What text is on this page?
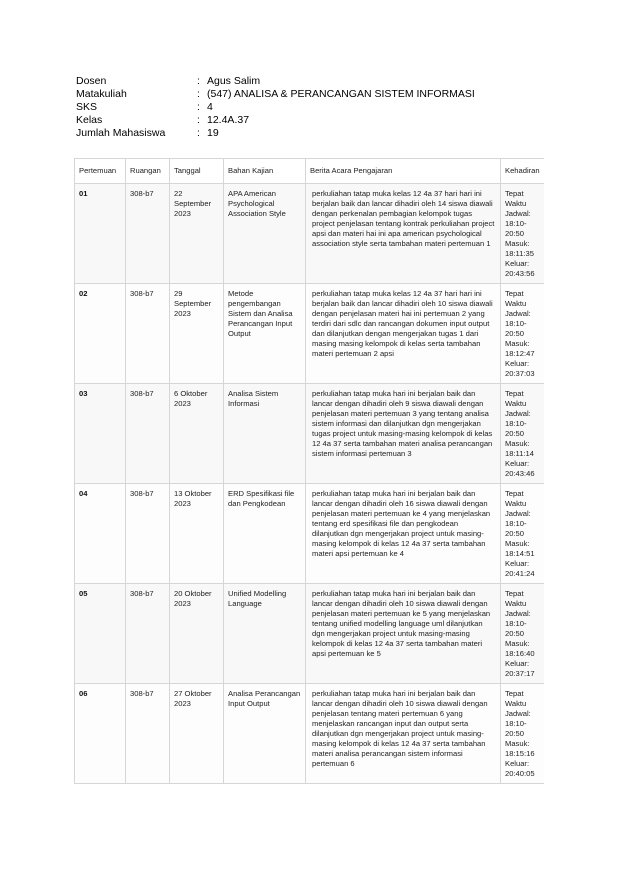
Dosen	: Agus Salim
Matakuliah	: (547) ANALISA & PERANCANGAN SISTEM INFORMASI
SKS	: 4
Kelas	: 12.4A.37
Jumlah Mahasiswa	: 19
Pertemuan	Ruangan	Tanggal	Bahan Kajian	Berita Acara Pengajaran	Kehadiran
01	308-b7	22 September 2023	APA American Psychological Association Style	perkuliahan tatap muka kelas 12 4a 37 hari hari ini berjalan baik dan lancar dihadiri oleh 14 siswa diawali dengan perkenalan pembagian kelompok tugas project penjelasan tentang kontrak perkuliahan project apsi dan materi hai ini apa american psychological association style serta tambahan materi pertemuan 1	Tepat Waktu Jadwal: 18:10-20:50 Masuk: 18:11:35 Keluar: 20:43:56
02	308-b7	29 September 2023	Metode pengembangan Sistem dan Analisa Perancangan Input Output	perkuliahan tatap muka kelas 12 4a 37 hari hari ini berjalan baik dan lancar dihadiri oleh 10 siswa diawali dengan penjelasan materi hai ini pertemuan 2 yang terdiri dari sdlc dan rancangan dokumen input output dan dilanjutkan dengan mengerjakan tugas 1 dari masing masing kelompok di kelas serta tambahan materi pertemuan 2 apsi	Tepat Waktu Jadwal: 18:10-20:50 Masuk: 18:12:47 Keluar: 20:37:03
03	308-b7	6 Oktober 2023	Analisa Sistem Informasi	perkuliahan tatap muka hari ini berjalan baik dan lancar dengan dihadiri oleh 9 siswa diawali dengan penjelasan materi pertemuan 3 yang tentang analisa sistem informasi dan dilanjutkan dgn mengerjakan tugas project untuk masing-masing kelompok di kelas 12 4a 37 serta tambahan materi analisa perancangan sistem informasi pertemuan 3	Tepat Waktu Jadwal: 18:10-20:50 Masuk: 18:11:14 Keluar: 20:43:46
04	308-b7	13 Oktober 2023	ERD Spesifikasi file dan Pengkodean	perkuliahan tatap muka hari ini berjalan baik dan lancar dengan dihadiri oleh 16 siswa diawali dengan penjelasan materi pertemuan ke 4 yang menjelaskan tentang erd spesifikasi file dan pengkodean dilanjutkan dgn mengerjakan project untuk masing-masing kelompok di kelas 12 4a 37 serta tambahan materi apsi pertemuan ke 4	Tepat Waktu Jadwal: 18:10-20:50 Masuk: 18:14:51 Keluar: 20:41:24
05	308-b7	20 Oktober 2023	Unified Modelling Language	perkuliahan tatap muka hari ini berjalan baik dan lancar dengan dihadiri oleh 10 siswa diawali dengan penjelasan materi pertemuan ke 5 yang menjelaskan tentang unified modelling language uml dilanjutkan dgn mengerjakan project untuk masing-masing kelompok di kelas 12 4a 37 serta tambahan materi apsi pertemuan ke 5	Tepat Waktu Jadwal: 18:10-20:50 Masuk: 18:16:40 Keluar: 20:37:17
06	308-b7	27 Oktober 2023	Analisa Perancangan Input Output	perkuliahan tatap muka hari ini berjalan baik dan lancar dengan dihadiri oleh 10 siswa diawali dengan penjelasan tentang materi pertemuan 6 yang menjelaskan rancangan input dan output serta dilanjutkan dgn mengerjakan project untuk masing-masing kelompok di kelas 12 4a 37 serta tambahan materi analisa perancangan sistem informasi pertemuan 6	Tepat Waktu Jadwal: 18:10-20:50 Masuk: 18:15:16 Keluar: 20:40:05
